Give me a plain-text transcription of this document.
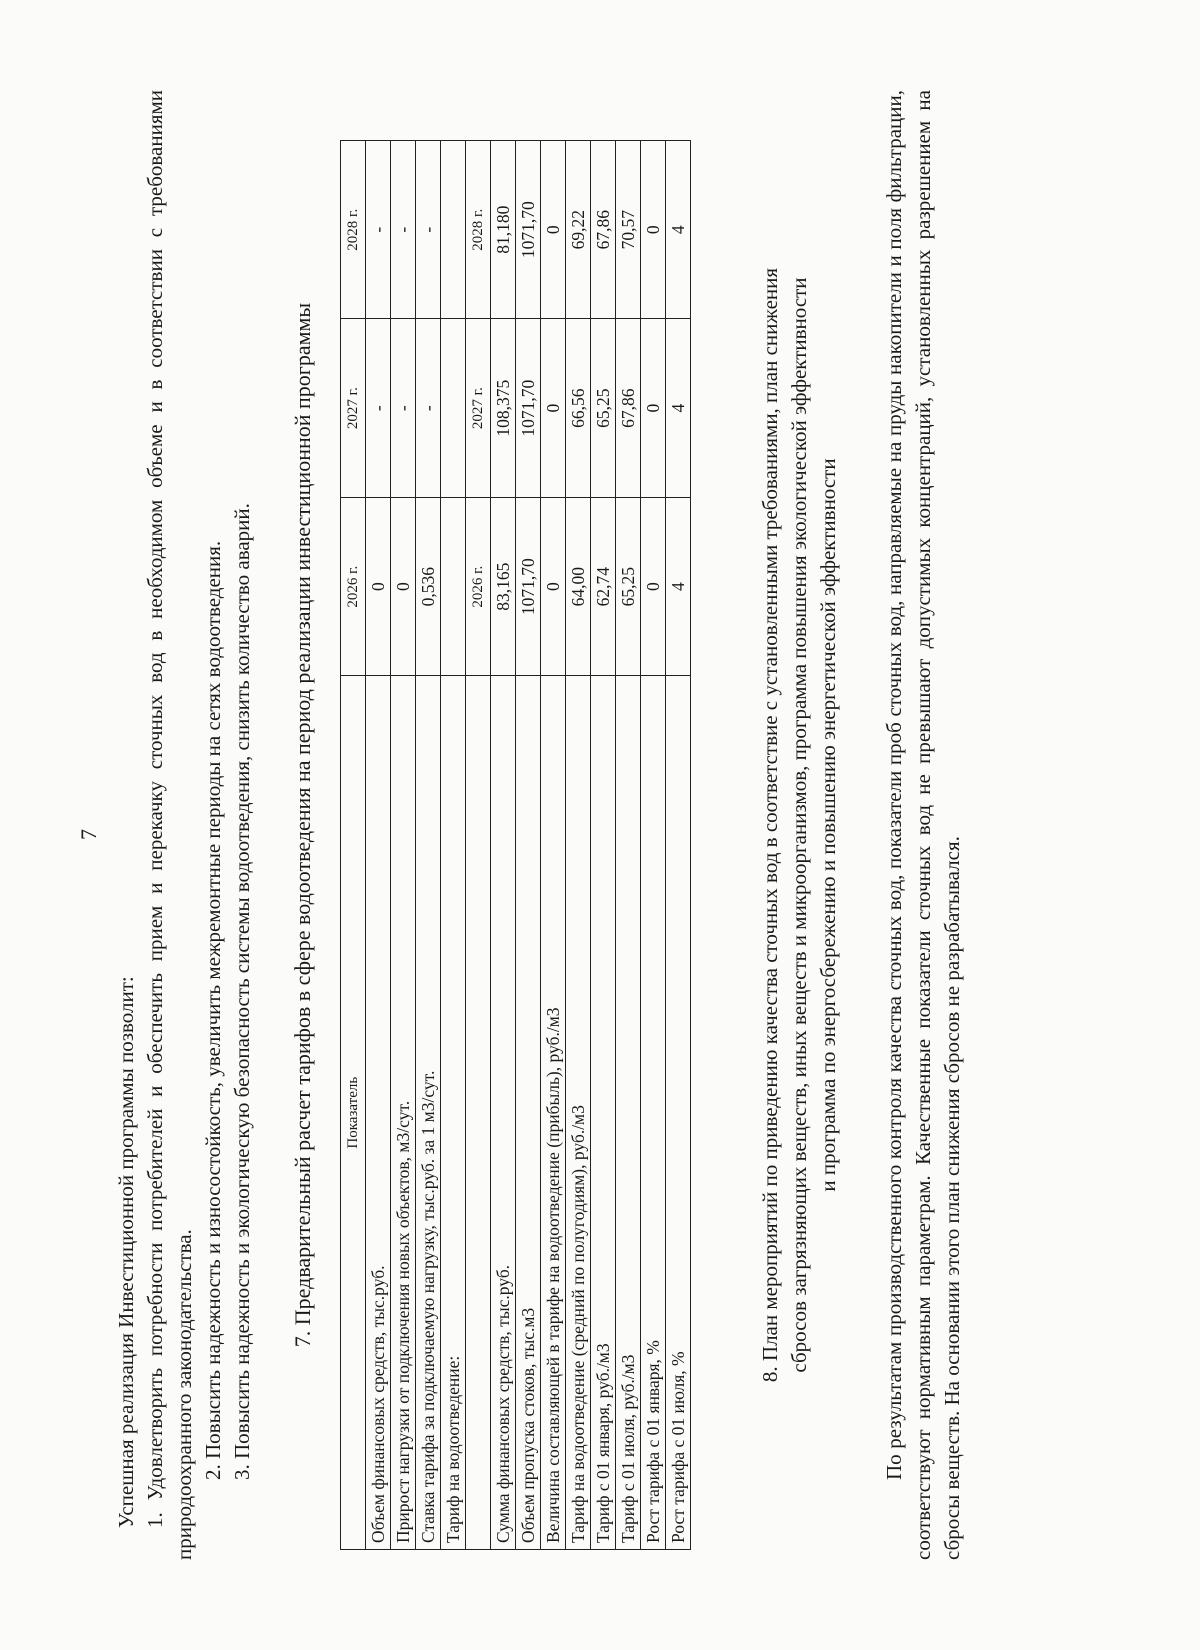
7

Успешная реализация Инвестиционной программы позволит: 1. Удовлетворить потребности потребителей и обеспечить прием и перекачку сточных вод в необходимом объеме и в соответствии с требованиями природоохранного законодательства. 2. Повысить надежность и износостойкость, увеличить межремонтные периоды на сетях водоотведения. 3. Повысить надежность и экологическую безопасность системы водоотведения, снизить количество аварий. 7. Предварительный расчет тарифов в сфере водоотведения на период реализации инвестиционной программы Показатель	2026 г.	2027 г.	2028 г.
Объем финансовых средств, тыс.руб.	0	-	-
Прирост нагрузки от подключения новых объектов, м3/сут.	0	-	-
Ставка тарифа за подключаемую нагрузку, тыс.руб. за 1 м3/сут.	0,536	-	-
Тариф на водоотведение:			
	2026 г.	2027 г.	2028 г.
Сумма финансовых средств, тыс.руб.	83,165	108,375	81,180
Объем пропуска стоков, тыс.м3	1071,70	1071,70	1071,70
Величина составляющей в тарифе на водоотведение (прибыль), руб./м3	0	0	0
Тариф на водоотведение (средний по полугодиям), руб./м3	64,00	66,56	69,22
Тариф с 01 января, руб./м3	62,74	65,25	67,86
Тариф с 01 июля, руб./м3	65,25	67,86	70,57
Рост тарифа с 01 января, %	0	0	0
Рост тарифа с 01 июля, %	4	4	4

8. План мероприятий по приведению качества сточных вод в соответствие с установленными требованиями, план снижения сбросов загрязняющих веществ, иных веществ и микроорганизмов, программа повышения экологической эффективности и программа по энергосбережению и повышению энергетической эффективности По результатам производственного контроля качества сточных вод, показатели проб сточных вод, направляемые на пруды накопители и поля фильтрации, соответствуют нормативным параметрам. Качественные показатели сточных вод не превышают допустимых концентраций, установленных разрешением на сбросы веществ. На основании этого план снижения сбросов не разрабатывался.
